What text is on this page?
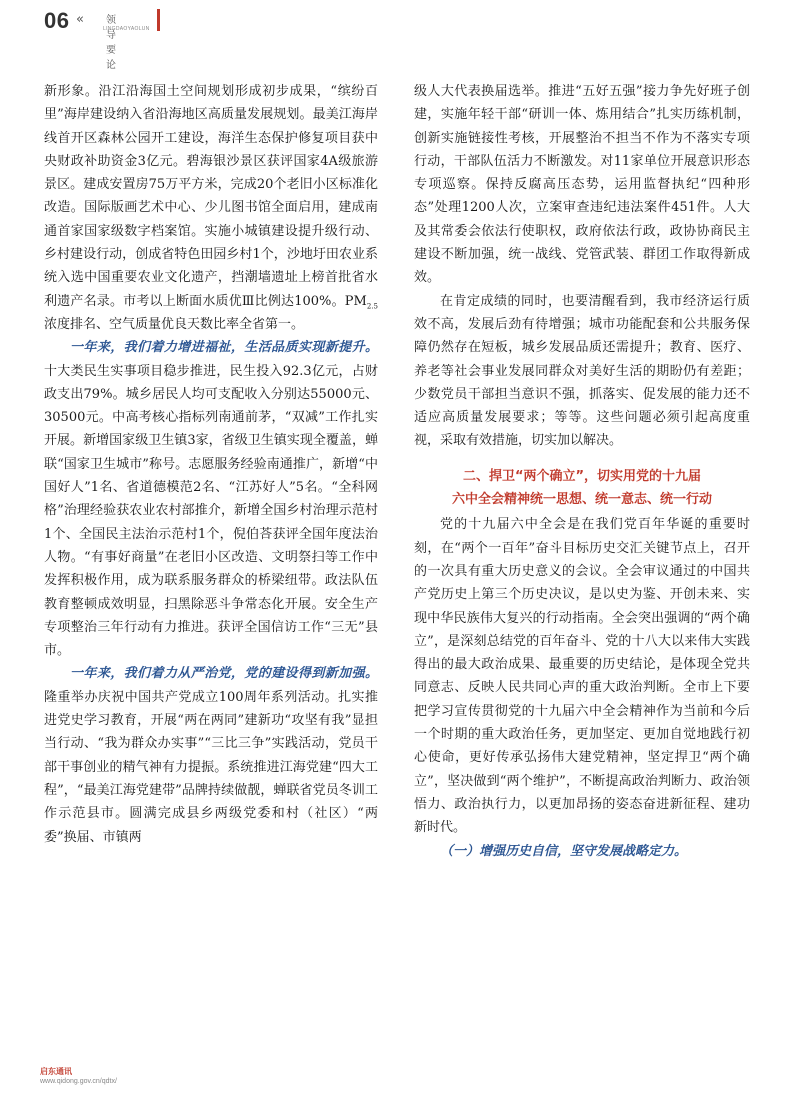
06 « 领导要论
LINGDAOYAOLUN

新形象。沿江沿海国土空间规划形成初步成果，“缤纷百里”海岸建设纳入省沿海地区高质量发展规划。最美江海岸线首开区森林公园开工建设，海洋生态保护修复项目获中央财政补助资金3亿元。碧海银沙景区获评国家4A级旅游景区。建成安置房75万平方米，完成20个老旧小区标准化改造。国际版画艺术中心、少儿图书馆全面启用，建成南通首家国家级数字档案馆。实施小城镇建设提升级行动、乡村建设行动，创成省特色田园乡村1个，沙地圩田农业系统入选中国重要农业文化遗产，挡潮墙遗址上榜首批省水利遗产名录。市考以上断面水质优Ⅲ比例达100%。$PM_{2.5}$浓度排名、空气质量优良天数比率全省第一。

一年来，我们着力增进福祉，生活品质实现新提升。十大类民生实事项目稳步推进，民生投入92.3亿元，占财政支出79%。城乡居民人均可支配收入分别达55000元、30500元。中高考核心指标列南通前茅，“双减”工作扎实开展。新增国家级卫生镇3家，省级卫生镇实现全覆盖，蝉联“国家卫生城市”称号。志愿服务经验南通推广，新增“中国好人”1名、省道德模范2名、“江苏好人”5名。“全科网格”治理经验获农业农村部推介，新增全国乡村治理示范村1个、全国民主法治示范村1个，倪伯荅获评全国年度法治人物。“有事好商量”在老旧小区改造、文明祭扫等工作中发挥积极作用，成为联系服务群众的桥梁纽带。政法队伍教育整顿成效明显，扫黑除恶斗争常态化开展。安全生产专项整治三年行动有力推进。获评全国信访工作“三无”县市。

一年来，我们着力从严治党，党的建设得到新加强。隆重举办庆祝中国共产党成立100周年系列活动。扎实推进党史学习教育，开展“两在两同”建新功“攻坚有我”显担当行动、“我为群众办实事”“三比三争”实践活动，党员干部干事创业的精气神有力提振。系统推进江海党建“四大工程”，“最美江海党建带”品牌持续做靓，蝉联省党员冬训工作示范县市。圆满完成县乡两级党委和村（社区）“两委”换届、市镇两

级人大代表换届选举。推进“五好五强”接力争先好班子创建，实施年轻干部“研训一体、炼用结合”扎实历练机制，创新实施链接性考核，开展整治不担当不作为不落实专项行动，干部队伍活力不断激发。对11家单位开展意识形态专项巡察。保持反腐高压态势，运用监督执纪“四种形态”处理1200人次，立案审查违纪违法案件451件。人大及其常委会依法行使职权，政府依法行政，政协协商民主建设不断加强，统一战线、党管武装、群团工作取得新成效。

在肯定成绩的同时，也要清醒看到，我市经济运行质效不高，发展后劲有待增强；城市功能配套和公共服务保障仍然存在短板，城乡发展品质还需提升；教育、医疗、养老等社会事业发展同群众对美好生活的期盼仍有差距；少数党员干部担当意识不强，抓落实、促发展的能力还不适应高质量发展要求；等等。这些问题必须引起高度重视，采取有效措施，切实加以解决。

二、捍卫“两个确立”，切实用党的十九届

六中全会精神统一思想、统一意志、统一行动

党的十九届六中全会是在我们党百年华诞的重要时刻，在“两个一百年”奋斗目标历史交汇关键节点上，召开的一次具有重大历史意义的会议。全会审议通过的中国共产党历史上第三个历史决议，是以史为鉴、开创未来、实现中华民族伟大复兴的行动指南。全会突出强调的“两个确立”，是深刻总结党的百年奋斗、党的十八大以来伟大实践得出的最大政治成果、最重要的历史结论，是体现全党共同意志、反映人民共同心声的重大政治判断。全市上下要把学习宣传贯彻党的十九届六中全会精神作为当前和今后一个时期的重大政治任务，更加坚定、更加自觉地践行初心使命，更好传承弘扬伟大建党精神，坚定捍卫“两个确立”，坚决做到“两个维护”，不断提高政治判断力、政治领悟力、政治执行力，以更加昂扬的姿态奋进新征程、建功新时代。

（一）增强历史自信，坚守发展战略定力。

启东通讯
www.qidong.gov.cn/qdtx/
